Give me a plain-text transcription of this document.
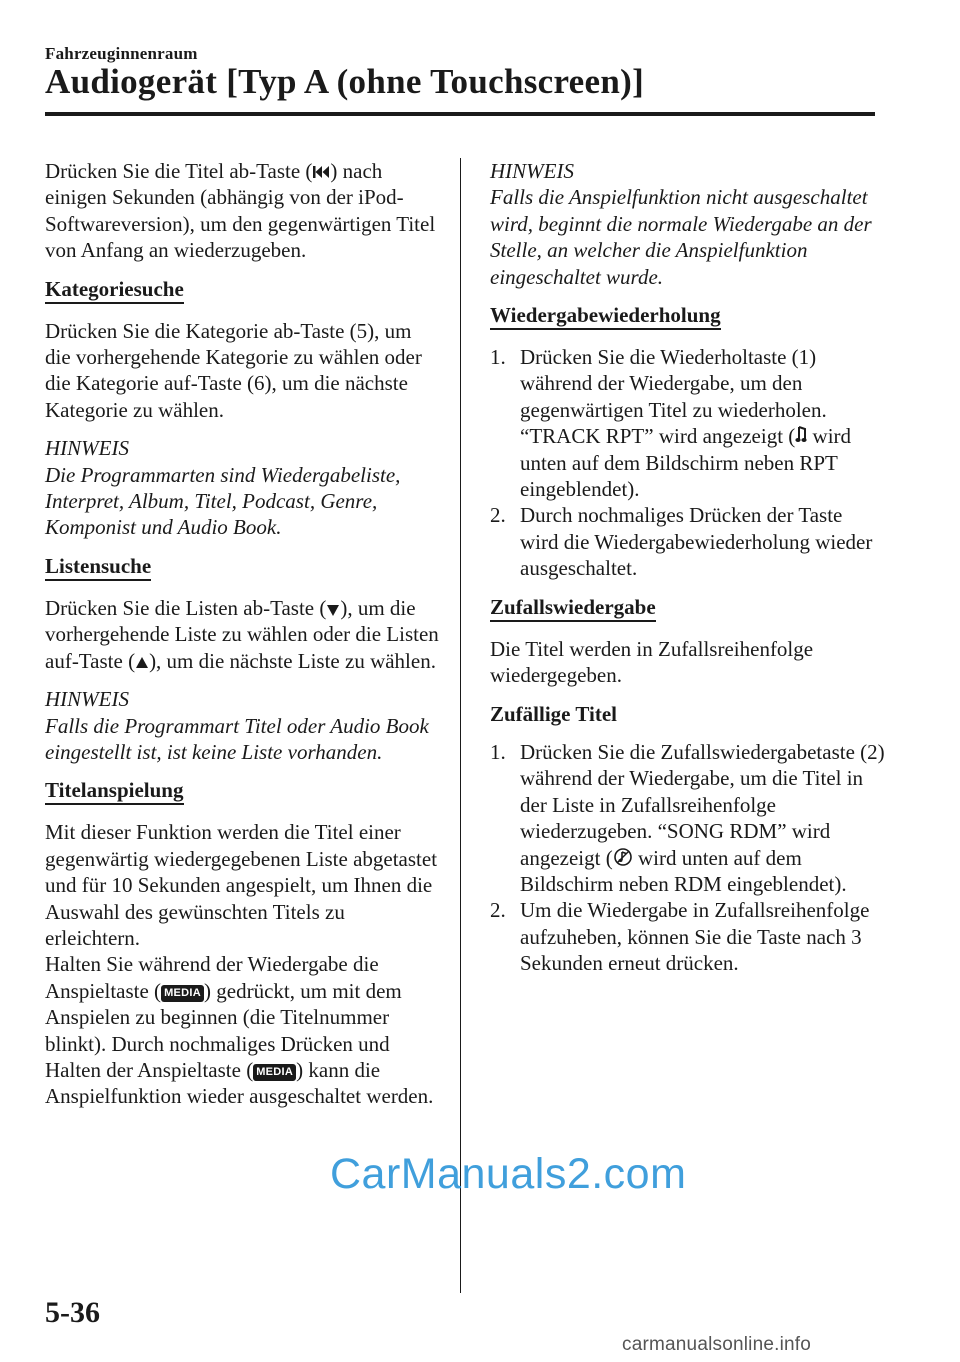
Fahrzeuginnenraum
Audiogerät [Typ A (ohne Touchscreen)]

Drücken Sie die Titel ab-Taste ( ) nach einigen Sekunden (abhängig von der iPod-Softwareversion), um den gegenwärtigen Titel von Anfang an wiederzugeben.

Kategoriesuche

Drücken Sie die Kategorie ab-Taste (5), um die vorhergehende Kategorie zu wählen oder die Kategorie auf-Taste (6), um die nächste Kategorie zu wählen.

HINWEIS

Die Programmarten sind Wiedergabeliste, Interpret, Album, Titel, Podcast, Genre, Komponist und Audio Book.

Listensuche

Drücken Sie die Listen ab-Taste ( ), um die vorhergehende Liste zu wählen oder die Listen auf-Taste ( ), um die nächste Liste zu wählen.

HINWEIS

Falls die Programmart Titel oder Audio Book eingestellt ist, ist keine Liste vorhanden.

Titelanspielung

Mit dieser Funktion werden die Titel einer gegenwärtig wiedergegebenen Liste abgetastet und für 10 Sekunden angespielt, um Ihnen die Auswahl des gewünschten Titels zu erleichtern.

Halten Sie während der Wiedergabe die Anspieltaste ( MEDIA ) gedrückt, um mit dem Anspielen zu beginnen (die Titelnummer blinkt). Durch nochmaliges Drücken und Halten der Anspieltaste ( MEDIA ) kann die Anspielfunktion wieder ausgeschaltet werden.

HINWEIS

Falls die Anspielfunktion nicht ausgeschaltet wird, beginnt die normale Wiedergabe an der Stelle, an welcher die Anspielfunktion eingeschaltet wurde.

Wiedergabewiederholung
1. Drücken Sie die Wiederholtaste (1) während der Wiedergabe, um den gegenwärtigen Titel zu wiederholen. “TRACK RPT” wird angezeigt ( wird unten auf dem Bildschirm neben RPT eingeblendet).
2. Durch nochmaliges Drücken der Taste wird die Wiedergabewiederholung wieder ausgeschaltet.
Zufallswiedergabe

Die Titel werden in Zufallsreihenfolge wiedergegeben.

Zufällige Titel

1. Drücken Sie die Zufallswiedergabetaste (2) während der Wiedergabe, um die Titel in der Liste in Zufallsreihenfolge wiederzugeben. “SONG RDM” wird angezeigt ( wird unten auf dem Bildschirm neben RDM eingeblendet).
2. Um die Wiedergabe in Zufallsreihenfolge aufzuheben, können Sie die Taste nach 3 Sekunden erneut drücken.
5-36
CarManuals2.com
carmanualsonline.info
